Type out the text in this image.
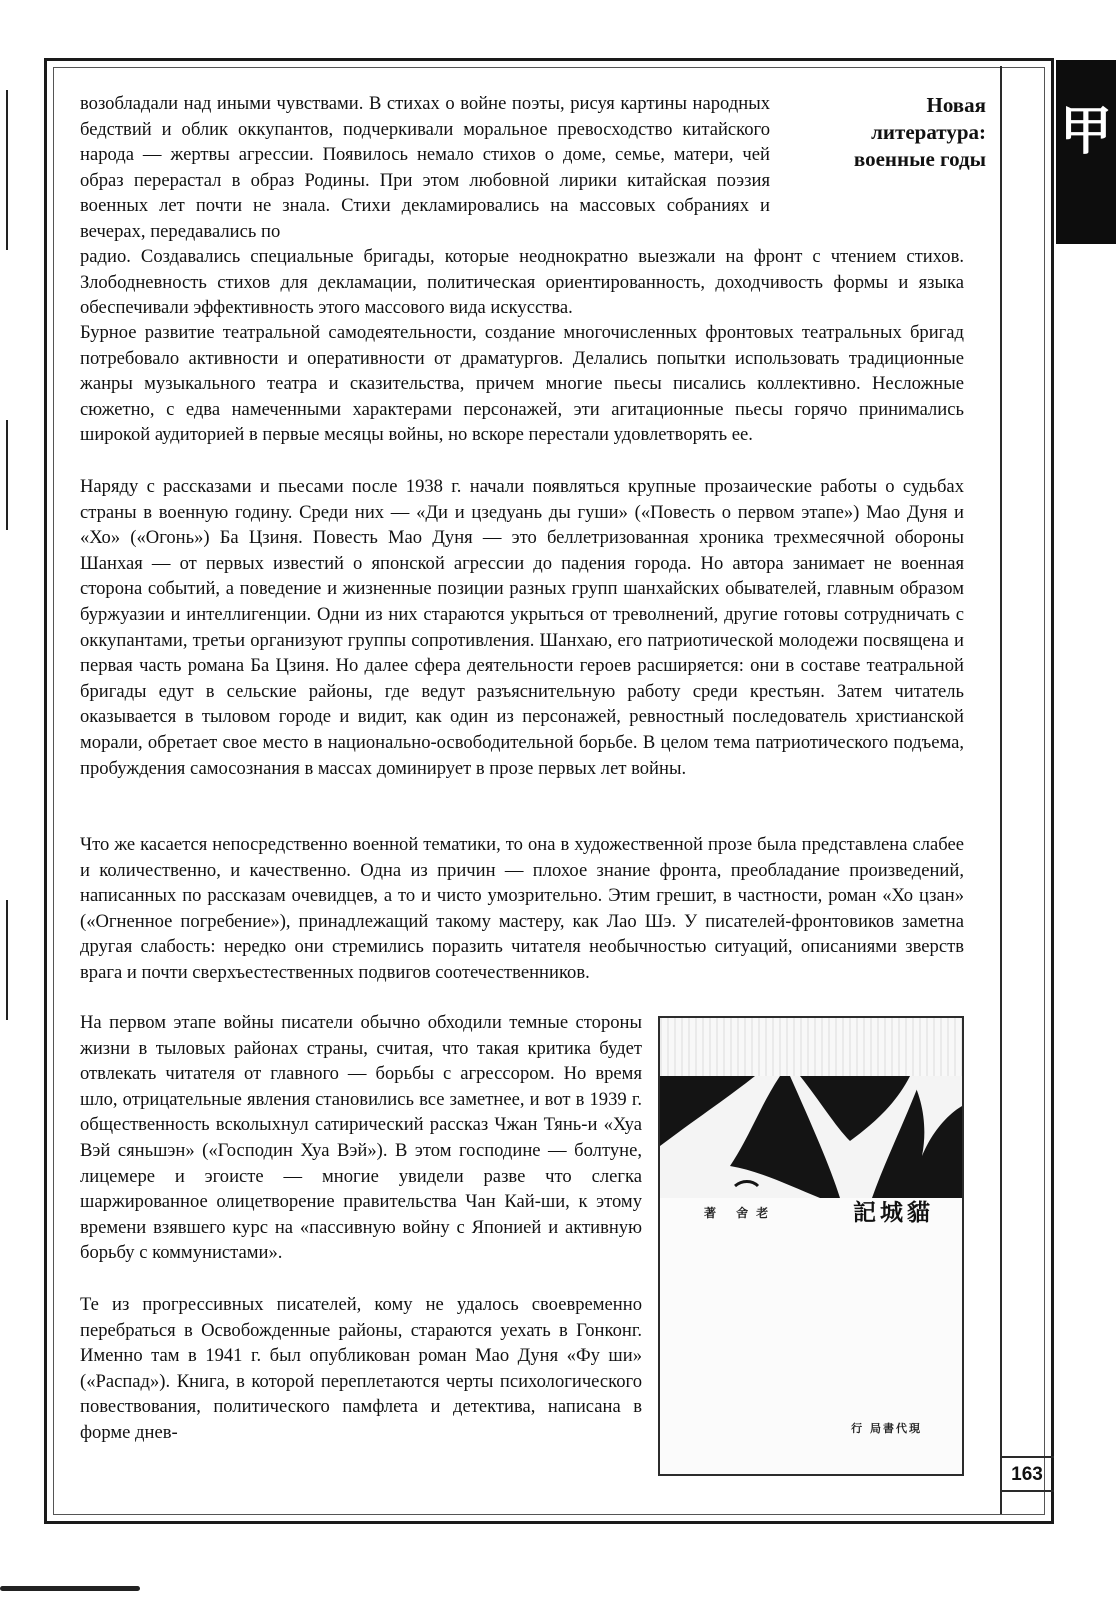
甲
Новая
литература:
военные годы

возобладали над иными чувствами. В стихах о войне поэты, рисуя картины народных бедствий и облик оккупантов, подчеркивали моральное превосходство китайского народа — жертвы агрессии. Появилось немало стихов о доме, семье, матери, чей образ перерастал в образ Родины. При этом любовной лирики китайская поэзия военных лет почти не знала. Стихи декламировались на массовых собраниях и вечерах, передавались по

радио. Создавались специальные бригады, которые неоднократно выезжали на фронт с чтением стихов. Злободневность стихов для декламации, политическая ориентированность, доходчивость формы и языка обеспечивали эффективность этого массового вида искусства.

Бурное развитие театральной самодеятельности, создание многочисленных фронтовых театральных бригад потребовало активности и оперативности от драматургов. Делались попытки использовать традиционные жанры музыкального театра и сказительства, причем многие пьесы писались коллективно. Несложные сюжетно, с едва намеченными характерами персонажей, эти агитационные пьесы горячо принимались широкой аудиторией в первые месяцы войны, но вскоре перестали удовлетворять ее.

Наряду с рассказами и пьесами после 1938 г. начали появляться крупные прозаические работы о судьбах страны в военную годину. Среди них — «Ди и цзедуань ды гуши» («Повесть о первом этапе») Мао Дуня и «Хо» («Огонь») Ба Цзиня. Повесть Мао Дуня — это беллетризованная хроника трехмесячной обороны Шанхая — от первых известий о японской агрессии до падения города. Но автора занимает не военная сторона событий, а поведение и жизненные позиции разных групп шанхайских обывателей, главным образом буржуазии и интеллигенции. Одни из них стараются укрыться от треволнений, другие готовы сотрудничать с оккупантами, третьи организуют группы сопротивления. Шанхаю, его патриотической молодежи посвящена и первая часть романа Ба Цзиня. Но далее сфера деятельности героев расширяется: они в составе театральной бригады едут в сельские районы, где ведут разъяснительную работу среди крестьян. Затем читатель оказывается в тыловом городе и видит, как один из персонажей, ревностный последователь христианской морали, обретает свое место в национально-освободительной борьбе. В целом тема патриотического подъема, пробуждения самосознания в массах доминирует в прозе первых лет войны.

Что же касается непосредственно военной тематики, то она в художественной прозе была представлена слабее и количественно, и качественно. Одна из причин — плохое знание фронта, преобладание произведений, написанных по рассказам очевидцев, а то и чисто умозрительно. Этим грешит, в частности, роман «Хо цзан» («Огненное погребение»), принадлежащий такому мастеру, как Лао Шэ. У писателей-фронтовиков заметна другая слабость: нередко они стремились поразить читателя необычностью ситуаций, описаниями зверств врага и почти сверхъестественных подвигов соотечественников.

На первом этапе войны писатели обычно обходили темные стороны жизни в тыловых районах страны, считая, что такая критика будет отвлекать читателя от главного — борьбы с агрессором. Но время шло, отрицательные явления становились все заметнее, и вот в 1939 г. общественность всколыхнул сатирический рассказ Чжан Тянь-и «Хуа Вэй сяньшэн» («Господин Хуа Вэй»). В этом господине — болтуне, лицемере и эгоисте — многие увидели разве что слегка шаржированное олицетворение правительства Чан Кай-ши, к этому времени взявшего курс на «пассивную войну с Японией и активную борьбу с коммунистами».

Те из прогрессивных писателей, кому не удалось своевременно перебраться в Освобожденные районы, стараются уехать в Гонконг. Именно там в 1941 г. был опубликован роман Мао Дуня «Фу ши» («Распад»). Книга, в которой переплетаются черты психологического повествования, политического памфлета и детектива, написана в форме днев-

著 舍老	記城貓
行 局書代現
163
